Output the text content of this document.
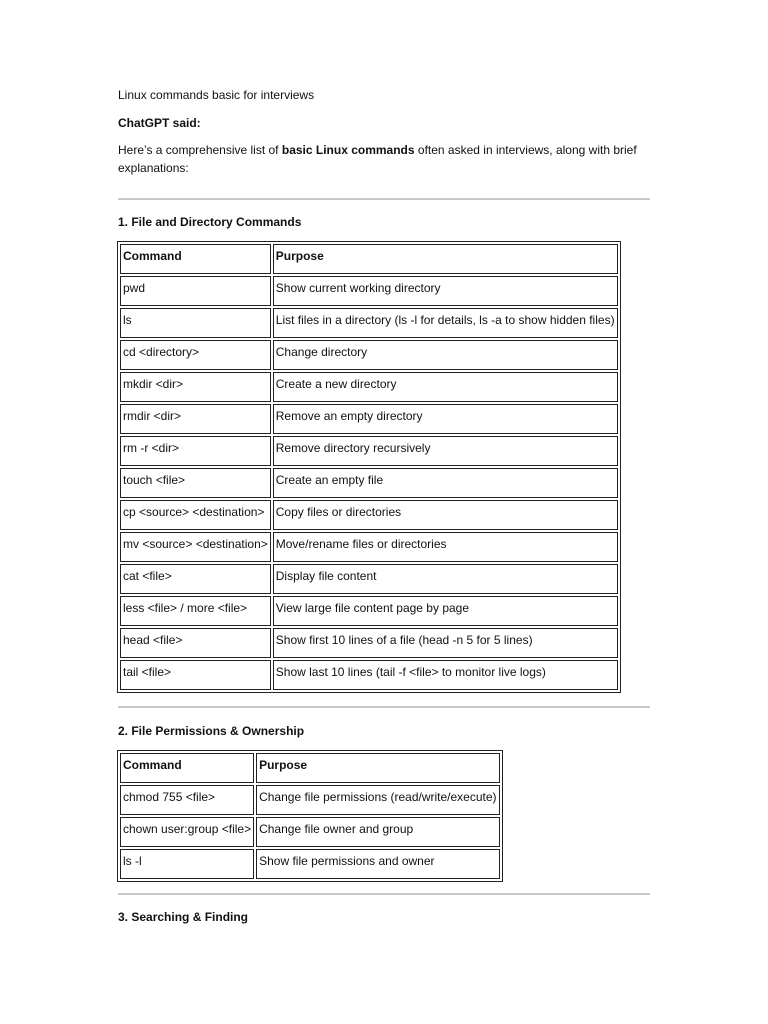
Linux commands basic for interviews

ChatGPT said:

Here’s a comprehensive list of basic Linux commands often asked in interviews, along with brief explanations:

1. File and Directory Commands

Command	Purpose
pwd	Show current working directory
ls	List files in a directory (ls -l for details, ls -a to show hidden files)
cd <directory>	Change directory
mkdir <dir>	Create a new directory
rmdir <dir>	Remove an empty directory
rm -r <dir>	Remove directory recursively
touch <file>	Create an empty file
cp <source> <destination>	Copy files or directories
mv <source> <destination>	Move/rename files or directories
cat <file>	Display file content
less <file> / more <file>	View large file content page by page
head <file>	Show first 10 lines of a file (head -n 5 for 5 lines)
tail <file>	Show last 10 lines (tail -f <file> to monitor live logs)

2. File Permissions & Ownership

Command	Purpose
chmod 755 <file>	Change file permissions (read/write/execute)
chown user:group <file>	Change file owner and group
ls -l	Show file permissions and owner

3. Searching & Finding
